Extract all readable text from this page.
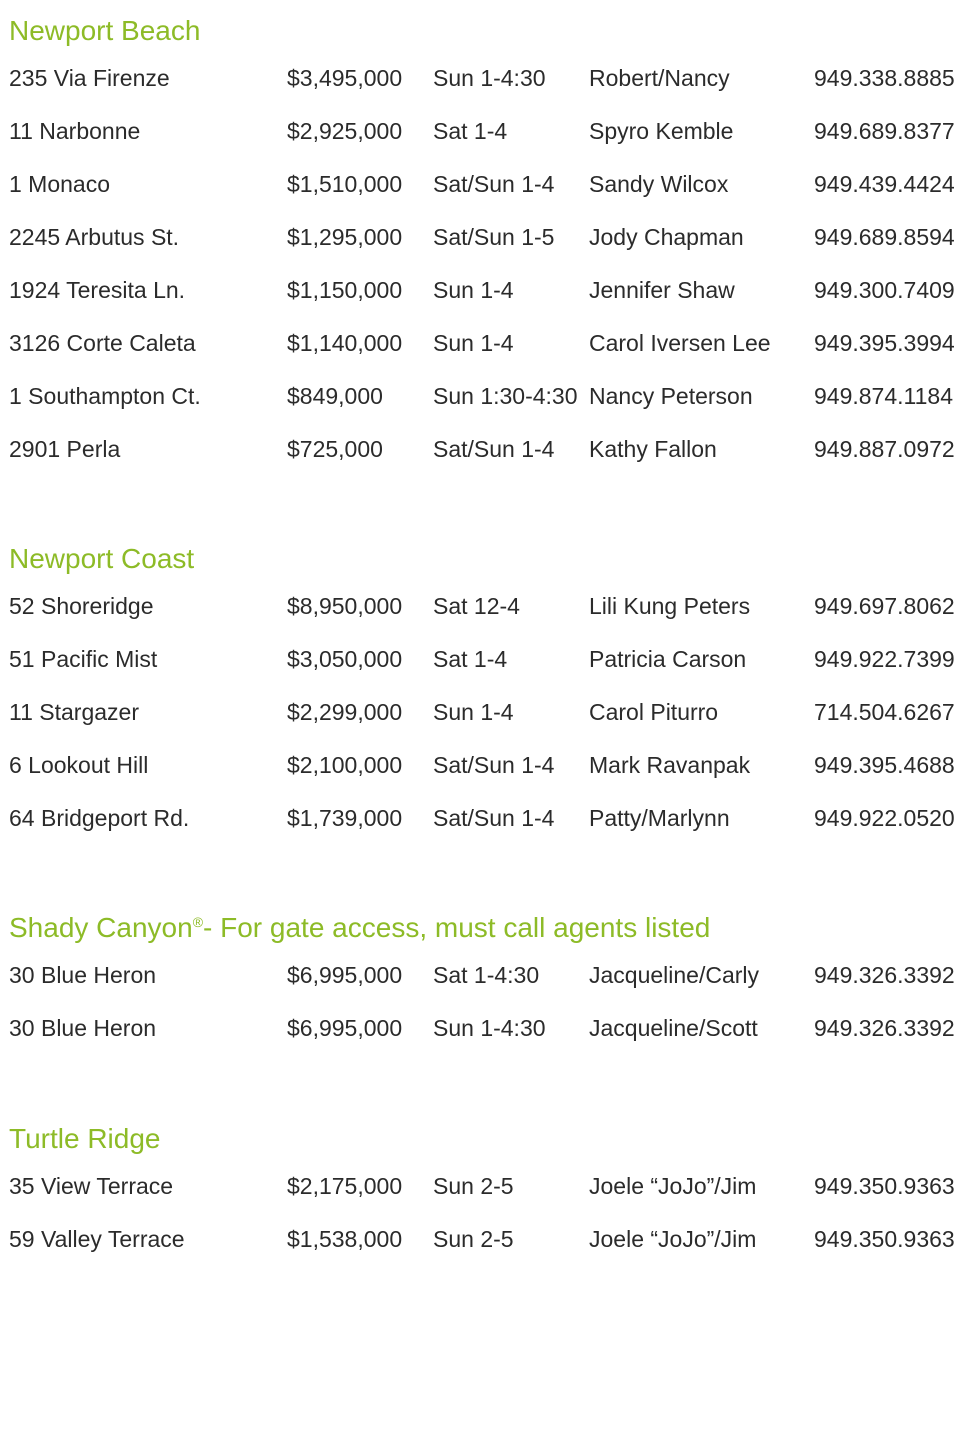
Newport Beach
235 Via Firenze	$3,495,000 Sun 1-4:30 Robert/Nancy	949.338.8885
11 Narbonne	$2,925,000 Sat 1-4	Spyro Kemble	949.689.8377
1 Monaco	$1,510,000 Sat/Sun 1-4 Sandy Wilcox	949.439.4424
2245 Arbutus St.	$1,295,000 Sat/Sun 1-5 Jody Chapman	949.689.8594
1924 Teresita Ln.	$1,150,000 Sun 1-4	Jennifer Shaw	949.300.7409
3126 Corte Caleta	$1,140,000 Sun 1-4	Carol Iversen Lee 949.395.3994
1 Southampton Ct.	$849,000 Sun 1:30-4:30 Nancy Peterson	949.874.1184
2901 Perla	$725,000 Sat/Sun 1-4 Kathy Fallon	949.887.0972
Newport Coast
52 Shoreridge	$8,950,000 Sat 12-4	Lili Kung Peters	949.697.8062
51 Pacific Mist	$3,050,000 Sat 1-4	Patricia Carson	949.922.7399
11 Stargazer	$2,299,000 Sun 1-4	Carol Piturro	714.504.6267
6 Lookout Hill	$2,100,000 Sat/Sun 1-4 Mark Ravanpak	949.395.4688
64 Bridgeport Rd.	$1,739,000 Sat/Sun 1-4 Patty/Marlynn	949.922.0520
Shady Canyon®- For gate access, must call agents listed
30 Blue Heron	$6,995,000 Sat 1-4:30 Jacqueline/Carly 949.326.3392
30 Blue Heron	$6,995,000 Sun 1-4:30 Jacqueline/Scott 949.326.3392
Turtle Ridge
35 View Terrace	$2,175,000 Sun 2-5	Joele “JoJo”/Jim	949.350.9363
59 Valley Terrace	$1,538,000 Sun 2-5	Joele “JoJo”/Jim	949.350.9363
